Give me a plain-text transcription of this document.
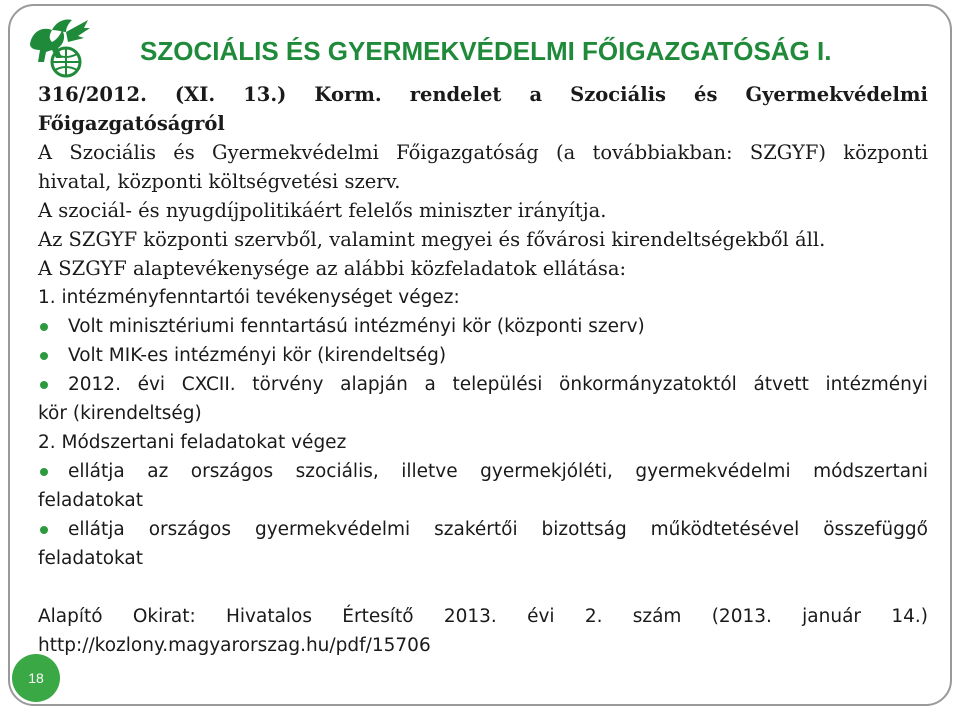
SZOCIÁLIS ÉS GYERMEKVÉDELMI FŐIGAZGATÓSÁG I.
316/2012. (XI. 13.) Korm. rendelet a Szociális és Gyermekvédelmi
Főigazgatóságról
A Szociális és Gyermekvédelmi Főigazgatóság (a továbbiakban: SZGYF) központi
hivatal, központi költségvetési szerv.
A szociál- és nyugdíjpolitikáért felelős miniszter irányítja.
Az SZGYF központi szervből, valamint megyei és fővárosi kirendeltségekből áll.
A SZGYF alaptevékenysége az alábbi közfeladatok ellátása:
1. intézményfenntartói tevékenységet végez:
Volt minisztériumi fenntartású intézményi kör (központi szerv)
Volt MIK-es intézményi kör (kirendeltség)
2012. évi CXCII. törvény alapján a települési önkormányzatoktól átvett intézményi
kör (kirendeltség)
2. Módszertani feladatokat végez
ellátja az országos szociális, illetve gyermekjóléti, gyermekvédelmi módszertani
feladatokat
ellátja országos gyermekvédelmi szakértői bizottság működtetésével összefüggő
feladatokat
Alapító Okirat: Hivatalos Értesítő 2013. évi 2. szám (2013. január 14.)
http://kozlony.magyarorszag.hu/pdf/15706
18
